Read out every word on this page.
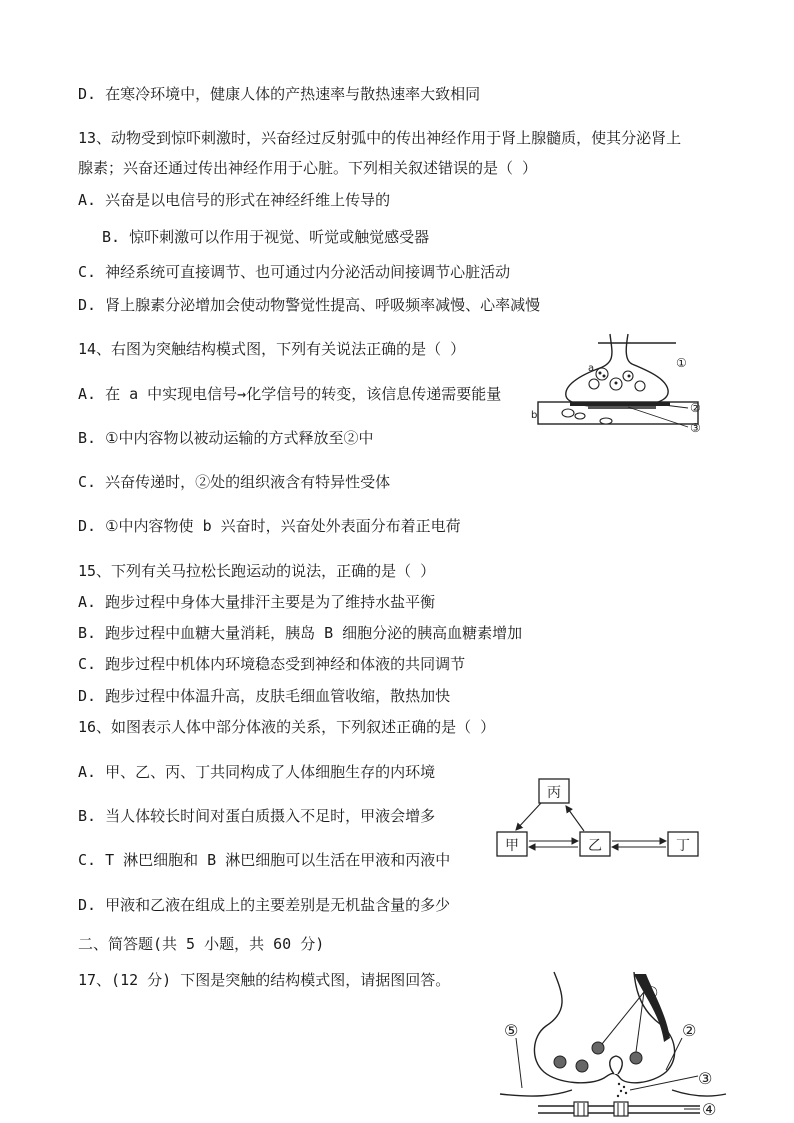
D. 在寒冷环境中，健康人体的产热速率与散热速率大致相同
13、动物受到惊吓刺激时，兴奋经过反射弧中的传出神经作用于肾上腺髓质，使其分泌肾上
腺素；兴奋还通过传出神经作用于心脏。下列相关叙述错误的是（ ）
A. 兴奋是以电信号的形式在神经纤维上传导的
B. 惊吓刺激可以作用于视觉、听觉或触觉感受器
C. 神经系统可直接调节、也可通过内分泌活动间接调节心脏活动
D. 肾上腺素分泌增加会使动物警觉性提高、呼吸频率减慢、心率减慢
14、右图为突触结构模式图，下列有关说法正确的是（ ）
A. 在 a 中实现电信号→化学信号的转变，该信息传递需要能量
B. ①中内容物以被动运输的方式释放至②中
C. 兴奋传递时，②处的组织液含有特异性受体
D. ①中内容物使 b 兴奋时，兴奋处外表面分布着正电荷
15、下列有关马拉松长跑运动的说法，正确的是（ ）
A. 跑步过程中身体大量排汗主要是为了维持水盐平衡
B. 跑步过程中血糖大量消耗，胰岛 B 细胞分泌的胰高血糖素增加
C. 跑步过程中机体内环境稳态受到神经和体液的共同调节
D. 跑步过程中体温升高，皮肤毛细血管收缩，散热加快
16、如图表示人体中部分体液的关系，下列叙述正确的是（ ）
A. 甲、乙、丙、丁共同构成了人体细胞生存的内环境
B. 当人体较长时间对蛋白质摄入不足时，甲液会增多
C. T 淋巴细胞和 B 淋巴细胞可以生活在甲液和丙液中
D. 甲液和乙液在组成上的主要差别是无机盐含量的多少
二、简答题(共 5 小题，共 60 分)
17、(12 分) 下图是突触的结构模式图，请据图回答。
a
b
①
②
③
丙
甲	乙	丁
①
②
③
④
⑤
